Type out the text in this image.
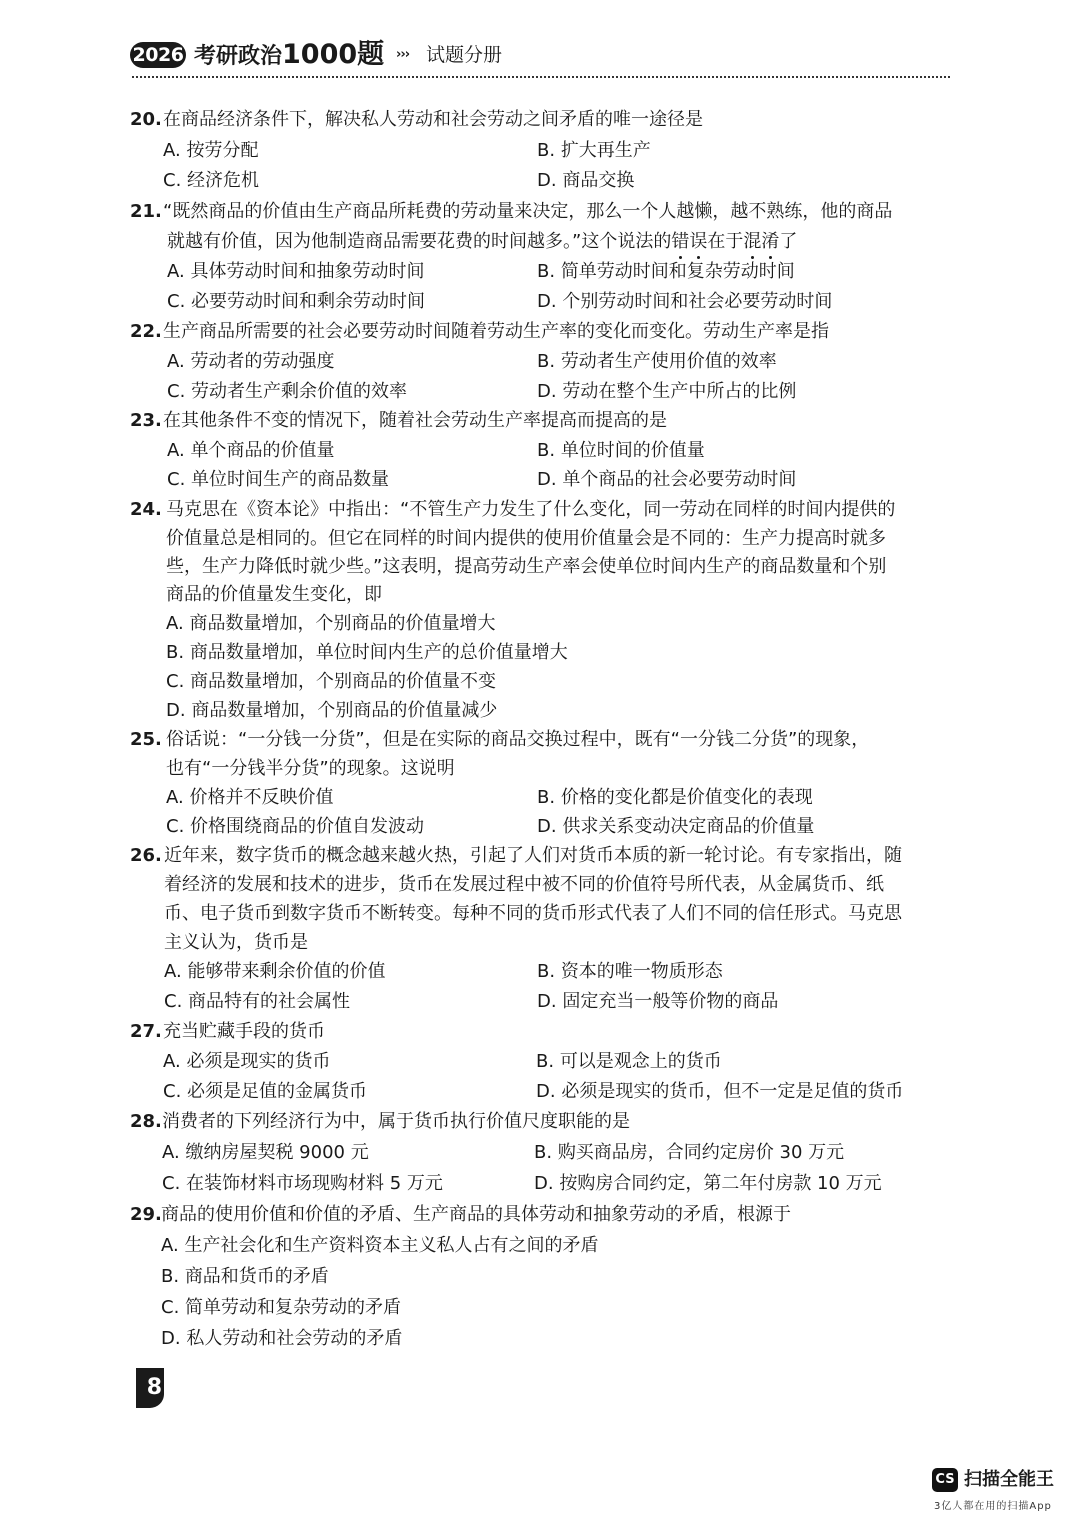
2026 考研政治1000题 ››› 试题分册
20. 在商品经济条件下，解决私人劳动和社会劳动之间矛盾的唯一途径是
A. 按劳分配	B. 扩大再生产
C. 经济危机	D. 商品交换
21. “既然商品的价值由生产商品所耗费的劳动量来决定，那么一个人越懒，越不熟练，他的商品
就越有价值，因为他制造商品需要花费的时间越多。”这个说法的错误在于混淆了
A. 具体劳动时间和抽象劳动时间	B. 简单劳动时间和复杂劳动时间
C. 必要劳动时间和剩余劳动时间	D. 个别劳动时间和社会必要劳动时间
22. 生产商品所需要的社会必要劳动时间随着劳动生产率的变化而变化。劳动生产率是指
A. 劳动者的劳动强度	B. 劳动者生产使用价值的效率
C. 劳动者生产剩余价值的效率	D. 劳动在整个生产中所占的比例
23. 在其他条件不变的情况下，随着社会劳动生产率提高而提高的是
A. 单个商品的价值量	B. 单位时间的价值量
C. 单位时间生产的商品数量	D. 单个商品的社会必要劳动时间
24. 马克思在《资本论》中指出：“不管生产力发生了什么变化，同一劳动在同样的时间内提供的
价值量总是相同的。但它在同样的时间内提供的使用价值量会是不同的：生产力提高时就多
些，生产力降低时就少些。”这表明，提高劳动生产率会使单位时间内生产的商品数量和个别
商品的价值量发生变化，即
A. 商品数量增加，个别商品的价值量增大
B. 商品数量增加，单位时间内生产的总价值量增大
C. 商品数量增加，个别商品的价值量不变
D. 商品数量增加，个别商品的价值量减少
25. 俗话说：“一分钱一分货”，但是在实际的商品交换过程中，既有“一分钱二分货”的现象，
也有“一分钱半分货”的现象。这说明
A. 价格并不反映价值	B. 价格的变化都是价值变化的表现
C. 价格围绕商品的价值自发波动	D. 供求关系变动决定商品的价值量
26. 近年来，数字货币的概念越来越火热，引起了人们对货币本质的新一轮讨论。有专家指出，随
着经济的发展和技术的进步，货币在发展过程中被不同的价值符号所代表，从金属货币、纸
币、电子货币到数字货币不断转变。每种不同的货币形式代表了人们不同的信任形式。马克思
主义认为，货币是
A. 能够带来剩余价值的价值	B. 资本的唯一物质形态
C. 商品特有的社会属性	D. 固定充当一般等价物的商品
27. 充当贮藏手段的货币
A. 必须是现实的货币	B. 可以是观念上的货币
C. 必须是足值的金属货币	D. 必须是现实的货币，但不一定是足值的货币
28. 消费者的下列经济行为中，属于货币执行价值尺度职能的是
A. 缴纳房屋契税 9000 元	B. 购买商品房，合同约定房价 30 万元
C. 在装饰材料市场现购材料 5 万元	D. 按购房合同约定，第二年付房款 10 万元
29. 商品的使用价值和价值的矛盾、生产商品的具体劳动和抽象劳动的矛盾，根源于
A. 生产社会化和生产资料资本主义私人占有之间的矛盾
B. 商品和货币的矛盾
C. 简单劳动和复杂劳动的矛盾
D. 私人劳动和社会劳动的矛盾
8
CS 扫描全能王
3亿人都在用的扫描App
